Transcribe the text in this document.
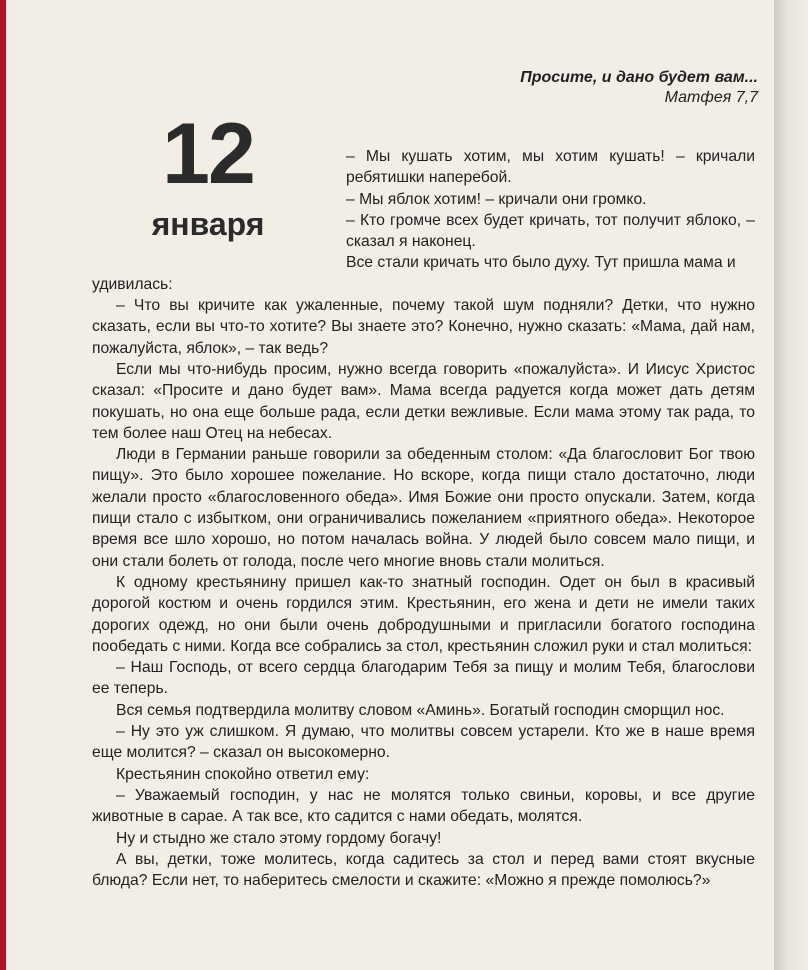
Просите, и дано будет вам...
Матфея 7,7
12
января

– Мы кушать хотим, мы хотим кушать! – кричали ребятишки наперебой.

– Мы яблок хотим! – кричали они громко.

– Кто громче всех будет кричать, тот получит яблоко, – сказал я наконец.

Все стали кричать что было духу. Тут пришла мама и

удивилась:

– Что вы кричите как ужаленные, почему такой шум подняли? Детки, что нужно сказать, если вы что-то хотите? Вы знаете это? Конечно, нужно сказать: «Мама, дай нам, пожалуйста, яблок», – так ведь?

Если мы что-нибудь просим, нужно всегда говорить «пожалуйста». И Иисус Христос сказал: «Просите и дано будет вам». Мама всегда радуется когда может дать детям покушать, но она еще больше рада, если детки вежливые. Если мама этому так рада, то тем более наш Отец на небесах.

Люди в Германии раньше говорили за обеденным столом: «Да благословит Бог твою пищу». Это было хорошее пожелание. Но вскоре, когда пищи стало достаточно, люди желали просто «благословенного обеда». Имя Божие они просто опускали. Затем, когда пищи стало с избытком, они ограничивались пожеланием «приятного обеда». Некоторое время все шло хорошо, но потом началась война. У людей было совсем мало пищи, и они стали болеть от голода, после чего многие вновь стали молиться.

К одному крестьянину пришел как-то знатный господин. Одет он был в красивый дорогой костюм и очень гордился этим. Крестьянин, его жена и дети не имели таких дорогих одежд, но они были очень добродушными и пригласили богатого господина пообедать с ними. Когда все собрались за стол, крестьянин сложил руки и стал молиться:

– Наш Господь, от всего сердца благодарим Тебя за пищу и молим Тебя, благослови ее теперь.

Вся семья подтвердила молитву словом «Аминь». Богатый господин сморщил нос.

– Ну это уж слишком. Я думаю, что молитвы совсем устарели. Кто же в наше время еще молится? – сказал он высокомерно.

Крестьянин спокойно ответил ему:

– Уважаемый господин, у нас не молятся только свиньи, коровы, и все другие животные в сарае. А так все, кто садится с нами обедать, молятся.

Ну и стыдно же стало этому гордому богачу!

А вы, детки, тоже молитесь, когда садитесь за стол и перед вами стоят вкусные блюда? Если нет, то наберитесь смелости и скажите: «Можно я прежде помолюсь?»
